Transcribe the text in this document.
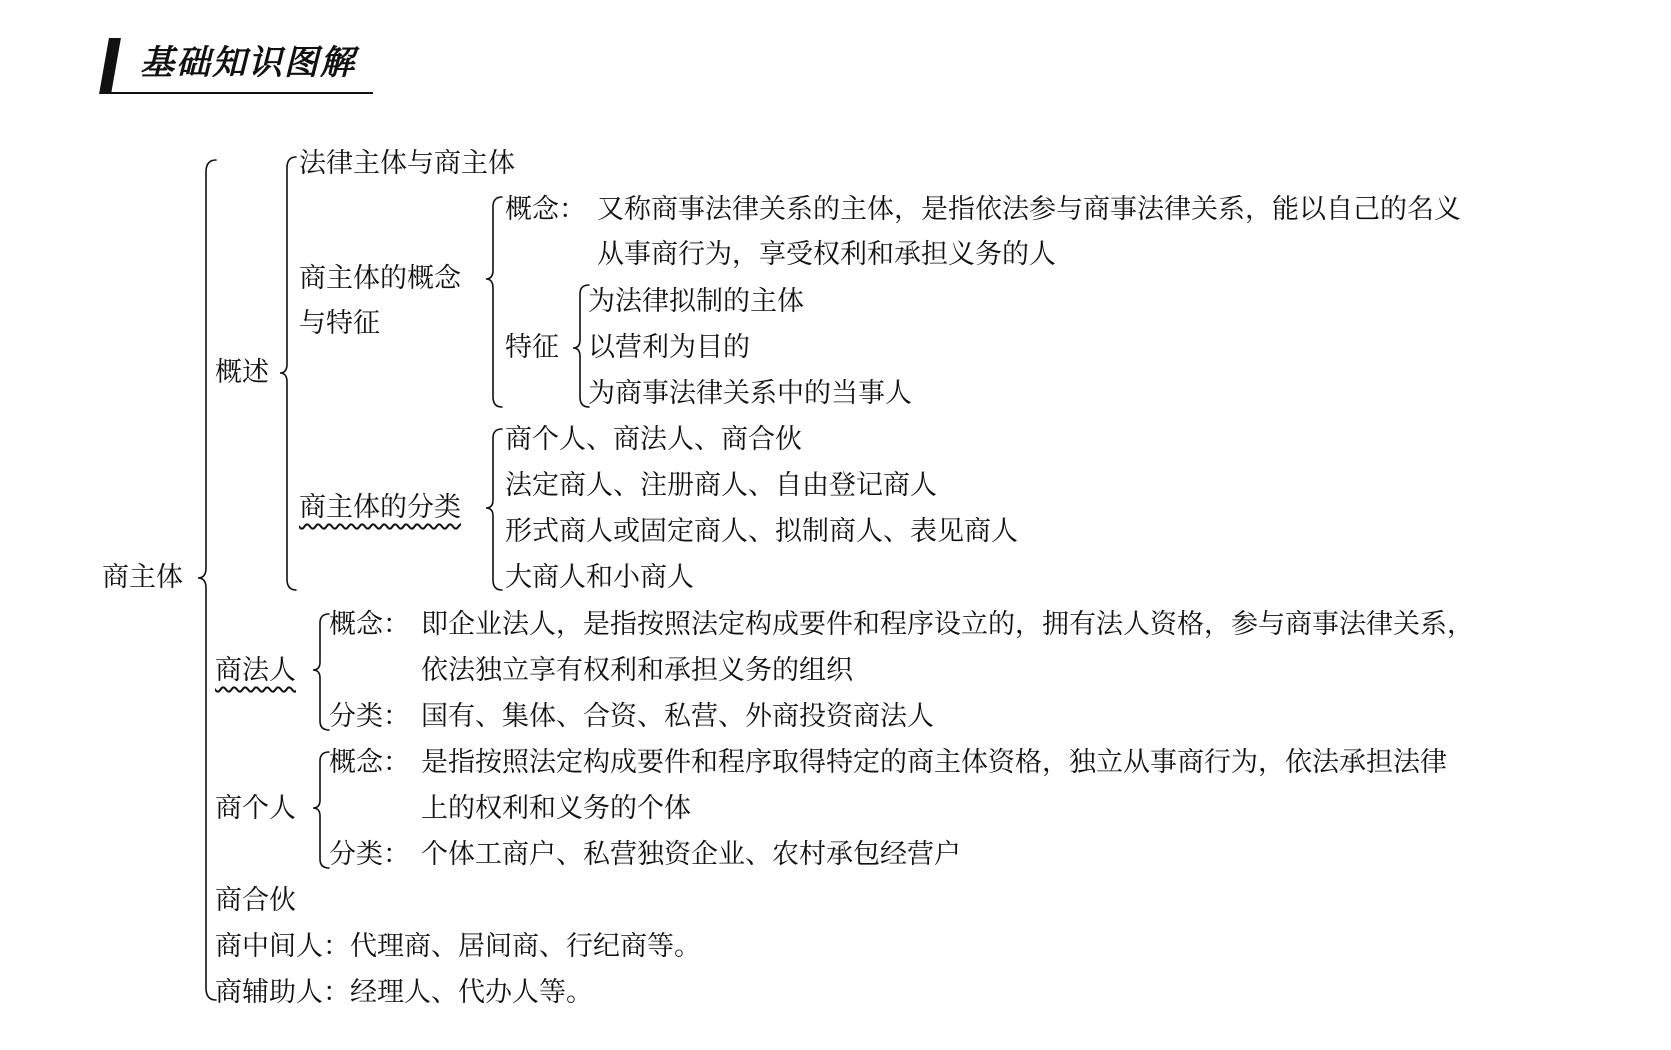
基础知识图解
商主体
概述
法律主体与商主体
商主体的概念
与特征
概念： 又称商事法律关系的主体，是指依法参与商事法律关系，能以自己的名义
从事商行为，享受权利和承担义务的人
特征
为法律拟制的主体
以营利为目的
为商事法律关系中的当事人
商主体的分类
商个人、商法人、商合伙
法定商人、注册商人、自由登记商人
形式商人或固定商人、拟制商人、表见商人
大商人和小商人
商法人
概念： 即企业法人，是指按照法定构成要件和程序设立的，拥有法人资格，参与商事法律关系，
依法独立享有权利和承担义务的组织
分类： 国有、集体、合资、私营、外商投资商法人
商个人
概念： 是指按照法定构成要件和程序取得特定的商主体资格，独立从事商行为，依法承担法律
上的权利和义务的个体
分类： 个体工商户、私营独资企业、农村承包经营户
商合伙
商中间人：代理商、居间商、行纪商等。
商辅助人：经理人、代办人等。
